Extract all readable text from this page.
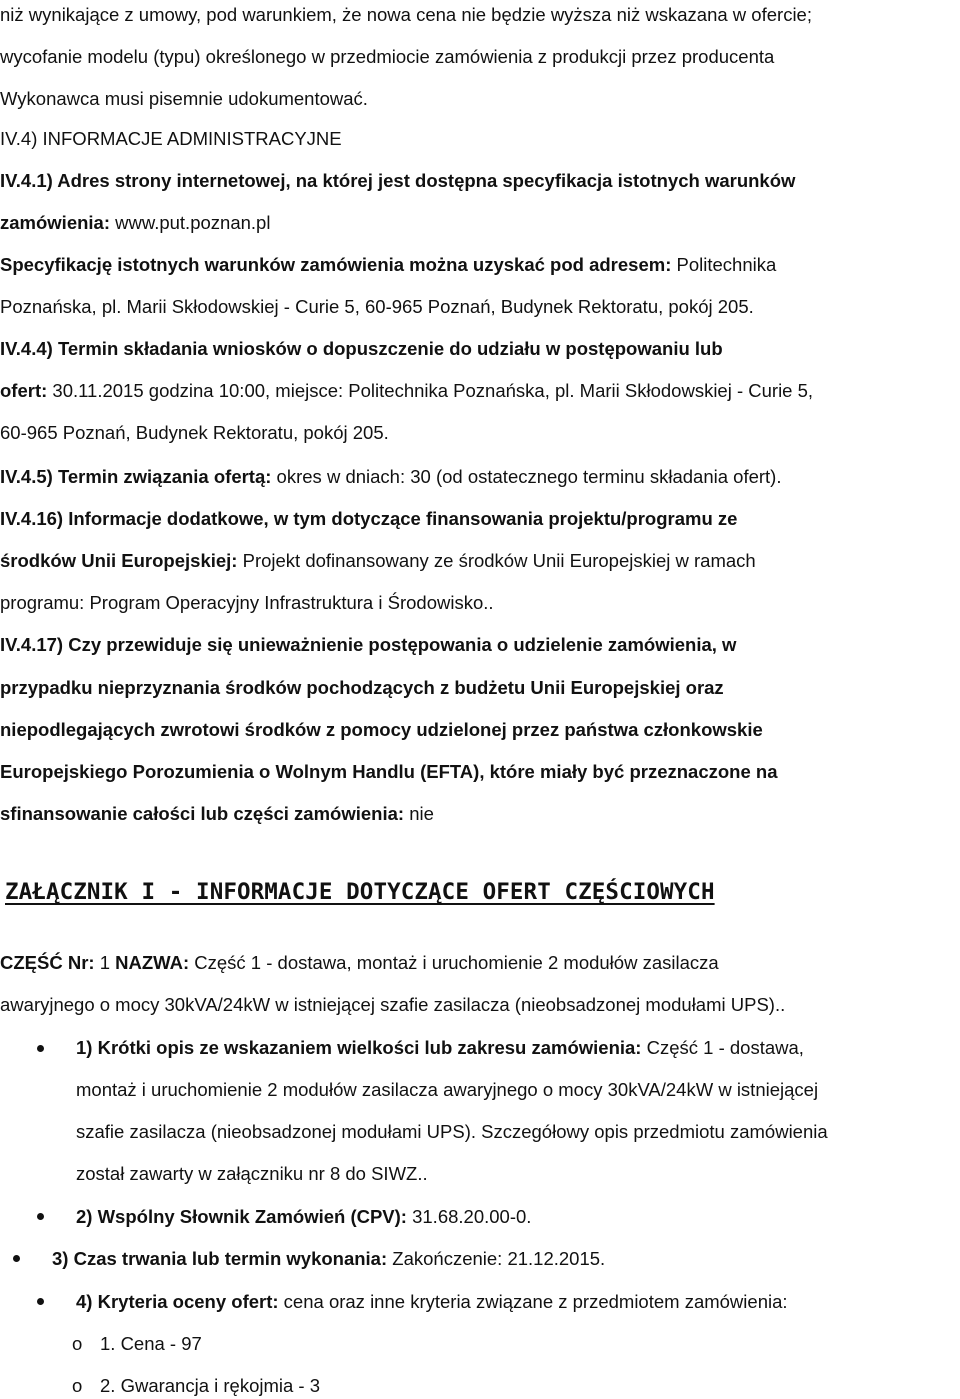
niż wynikające z umowy, pod warunkiem, że nowa cena nie będzie wyższa niż wskazana w ofercie;
wycofanie modelu (typu) określonego w przedmiocie zamówienia z produkcji przez producenta
Wykonawca musi pisemnie udokumentować.
IV.4) INFORMACJE ADMINISTRACYJNE
IV.4.1) Adres strony internetowej, na której jest dostępna specyfikacja istotnych warunków
zamówienia: www.put.poznan.pl
Specyfikację istotnych warunków zamówienia można uzyskać pod adresem: Politechnika
Poznańska, pl. Marii Skłodowskiej - Curie 5, 60-965 Poznań, Budynek Rektoratu, pokój 205.
IV.4.4) Termin składania wniosków o dopuszczenie do udziału w postępowaniu lub
ofert: 30.11.2015 godzina 10:00, miejsce: Politechnika Poznańska, pl. Marii Skłodowskiej - Curie 5,
60-965 Poznań, Budynek Rektoratu, pokój 205.
IV.4.5) Termin związania ofertą: okres w dniach: 30 (od ostatecznego terminu składania ofert).
IV.4.16) Informacje dodatkowe, w tym dotyczące finansowania projektu/programu ze
środków Unii Europejskiej: Projekt dofinansowany ze środków Unii Europejskiej w ramach
programu: Program Operacyjny Infrastruktura i Środowisko..
IV.4.17) Czy przewiduje się unieważnienie postępowania o udzielenie zamówienia, w
przypadku nieprzyznania środków pochodzących z budżetu Unii Europejskiej oraz
niepodlegających zwrotowi środków z pomocy udzielonej przez państwa członkowskie
Europejskiego Porozumienia o Wolnym Handlu (EFTA), które miały być przeznaczone na
sfinansowanie całości lub części zamówienia: nie
ZAŁĄCZNIK I - INFORMACJE DOTYCZĄCE OFERT CZĘŚCIOWYCH
CZĘŚĆ Nr: 1 NAZWA: Część 1 - dostawa, montaż i uruchomienie 2 modułów zasilacza
awaryjnego o mocy 30kVA/24kW w istniejącej szafie zasilacza (nieobsadzonej modułami UPS)..
1) Krótki opis ze wskazaniem wielkości lub zakresu zamówienia: Część 1 - dostawa,
montaż i uruchomienie 2 modułów zasilacza awaryjnego o mocy 30kVA/24kW w istniejącej
szafie zasilacza (nieobsadzonej modułami UPS). Szczegółowy opis przedmiotu zamówienia
został zawarty w załączniku nr 8 do SIWZ..
2) Wspólny Słownik Zamówień (CPV): 31.68.20.00-0.
3) Czas trwania lub termin wykonania: Zakończenie: 21.12.2015.
4) Kryteria oceny ofert: cena oraz inne kryteria związane z przedmiotem zamówienia:
o 1. Cena - 97
o 2. Gwarancja i rękojmia - 3
